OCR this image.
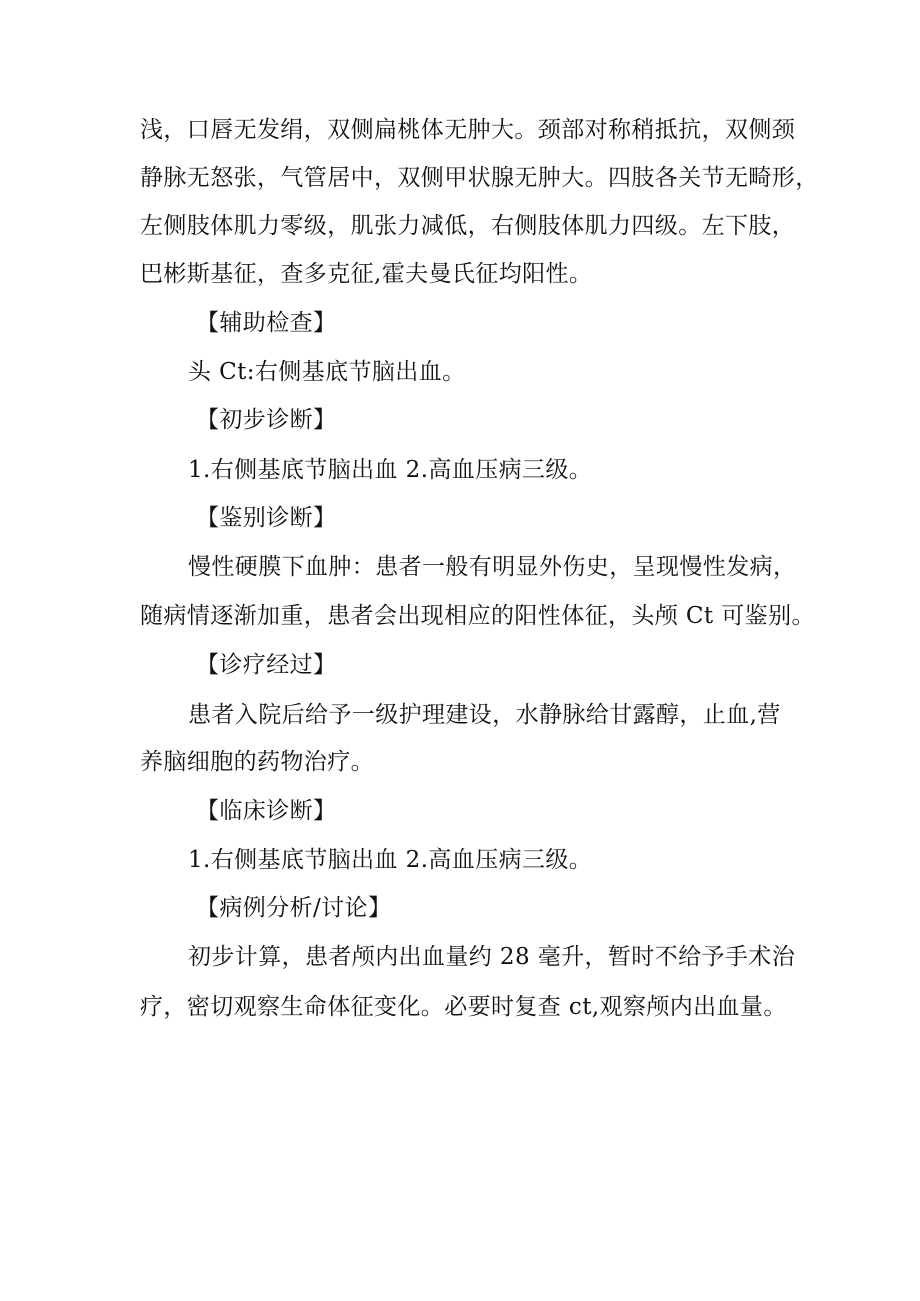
浅，口唇无发绢，双侧扁桃体无肿大。颈部对称稍抵抗，双侧颈
静脉无怒张，气管居中，双侧甲状腺无肿大。四肢各关节无畸形，
左侧肢体肌力零级，肌张力减低，右侧肢体肌力四级。左下肢，
巴彬斯基征，查多克征,霍夫曼氏征均阳性。
【辅助检查】
头 Ct:右侧基底节脑出血。
【初步诊断】
1.右侧基底节脑出血 2.高血压病三级。
【鉴别诊断】
慢性硬膜下血肿：患者一般有明显外伤史，呈现慢性发病，
随病情逐渐加重，患者会出现相应的阳性体征，头颅 Ct 可鉴别。
【诊疗经过】
患者入院后给予一级护理建设，水静脉给甘露醇，止血,营
养脑细胞的药物治疗。
【临床诊断】
1.右侧基底节脑出血 2.高血压病三级。
【病例分析/讨论】
初步计算，患者颅内出血量约 28 毫升，暂时不给予手术治
疗，密切观察生命体征变化。必要时复查 ct,观察颅内出血量。
